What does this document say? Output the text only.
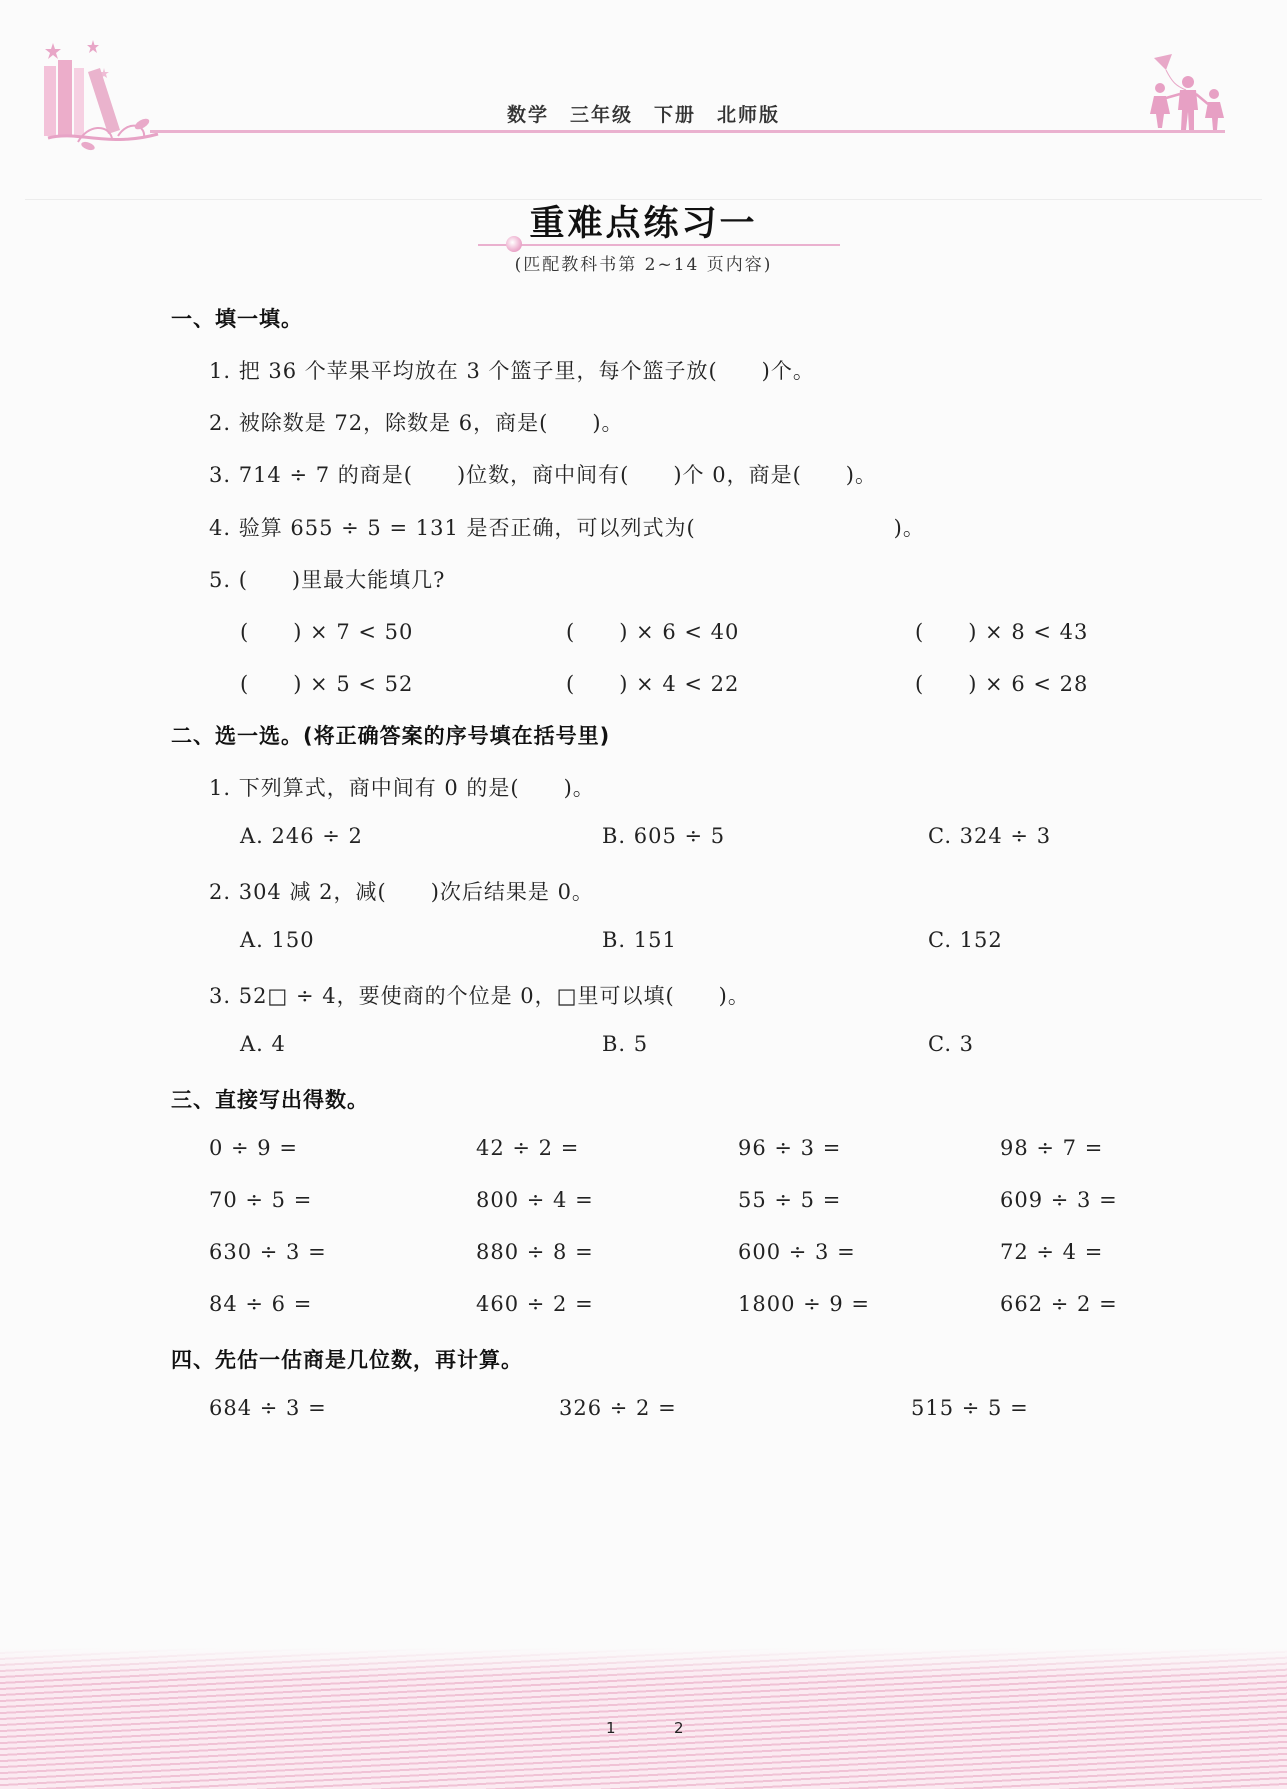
数学　三年级　下册　北师版
重难点练习一
(匹配教科书第 2~14 页内容)
一、填一填。
1. 把 36 个苹果平均放在 3 个篮子里，每个篮子放(　　)个。
2. 被除数是 72，除数是 6，商是(　　)。
3. 714 ÷ 7 的商是(　　)位数，商中间有(　　)个 0，商是(　　)。
4. 验算 655 ÷ 5 = 131 是否正确，可以列式为(　　　　　　　　　)。
5. (　　)里最大能填几?
(　　) × 7 < 50	(　　) × 6 < 40	(　　) × 8 < 43
(　　) × 5 < 52	(　　) × 4 < 22	(　　) × 6 < 28
二、选一选。(将正确答案的序号填在括号里)
1. 下列算式，商中间有 0 的是(　　)。
A. 246 ÷ 2	B. 605 ÷ 5	C. 324 ÷ 3
2. 304 减 2，减(　　)次后结果是 0。
A. 150	B. 151	C. 152
3. 52□ ÷ 4，要使商的个位是 0，□里可以填(　　)。
A. 4	B. 5	C. 3
三、直接写出得数。
0 ÷ 9 =	42 ÷ 2 =	96 ÷ 3 =	98 ÷ 7 =
70 ÷ 5 =	800 ÷ 4 =	55 ÷ 5 =	609 ÷ 3 =
630 ÷ 3 =	880 ÷ 8 =	600 ÷ 3 =	72 ÷ 4 =
84 ÷ 6 =	460 ÷ 2 =	1800 ÷ 9 =	662 ÷ 2 =
四、先估一估商是几位数，再计算。
684 ÷ 3 =	326 ÷ 2 =	515 ÷ 5 =
1	2
